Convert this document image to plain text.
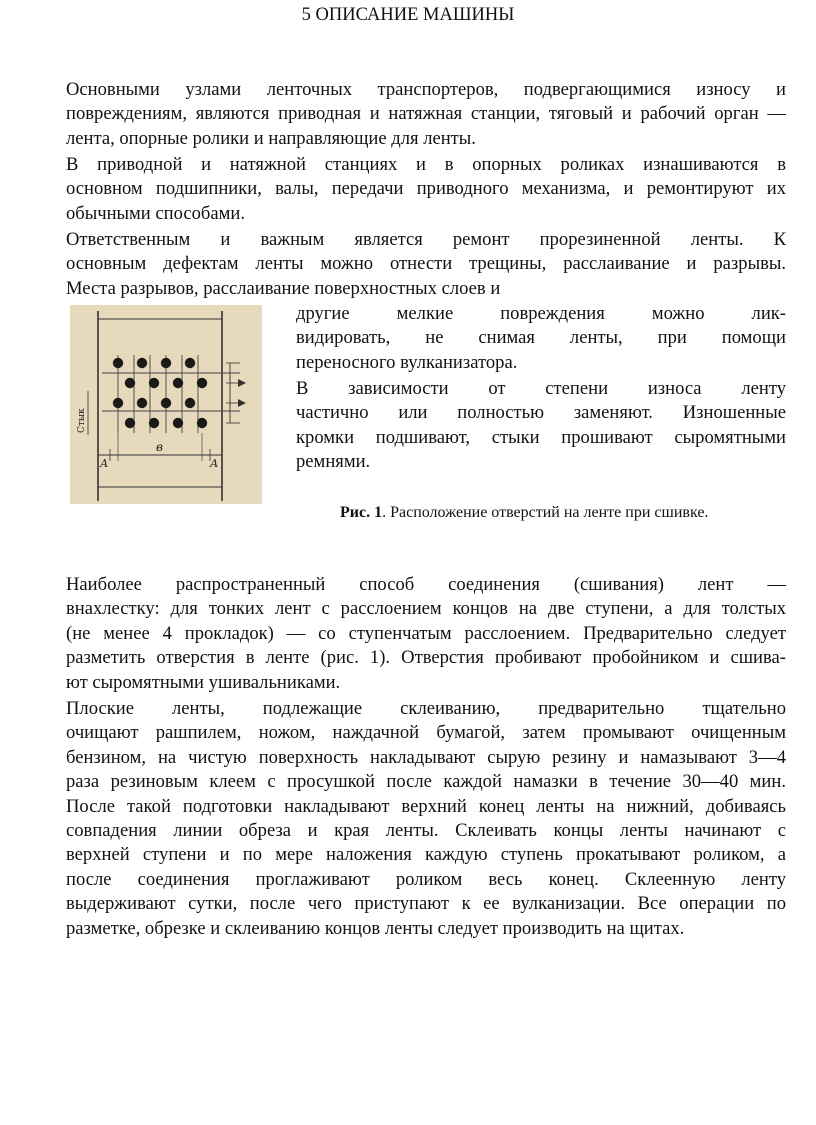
5 ОПИСАНИЕ МАШИНЫ
Основными узлами ленточных транспортеров, подвергающимися износу и
повреждениям, являются приводная и натяжная станции, тяговый и рабочий орган —
лента, опорные ролики и направляющие для ленты.
В приводной и натяжной станциях и в опорных роликах изнашиваются в
основном подшипники, валы, передачи приводного механизма, и ремонтируют их
обычными способами.
Ответственным и важным является ремонт прорезиненной ленты. К
основным дефектам ленты можно отнести трещины, расслаивание и разрывы.
Места разрывов, расслаивание поверхностных слоев и
другие мелкие повреждения можно лик-
видировать, не снимая ленты, при помощи
переносного вулканизатора.
В зависимости от степени износа ленту
частично или полностью заменяют. Изношенные
кромки подшивают, стыки прошивают сыромятными
ремнями.
Стык
в
А	А
Рис. 1. Расположение отверстий на ленте при сшивке.
Наиболее распространенный способ соединения (сшивания) лент —
внахлестку: для тонких лент с расслоением концов на две ступени, а для толстых
(не менее 4 прокладок) — со ступенчатым расслоением. Предварительно следует
разметить отверстия в ленте (рис. 1). Отверстия пробивают пробойником и сшива-
ют сыромятными ушивальниками.
Плоские ленты, подлежащие склеиванию, предварительно тщательно
очищают рашпилем, ножом, наждачной бумагой, затем промывают очищенным
бензином, на чистую поверхность накладывают сырую резину и намазывают 3—4
раза резиновым клеем с просушкой после каждой намазки в течение 30—40 мин.
После такой подготовки накладывают верхний конец ленты на нижний, добиваясь
совпадения линии обреза и края ленты. Склеивать концы ленты начинают с
верхней ступени и по мере наложения каждую ступень прокатывают роликом, а
после соединения проглаживают роликом весь конец. Склеенную ленту
выдерживают сутки, после чего приступают к ее вулканизации. Все операции по
разметке, обрезке и склеиванию концов ленты следует производить на щитах.
